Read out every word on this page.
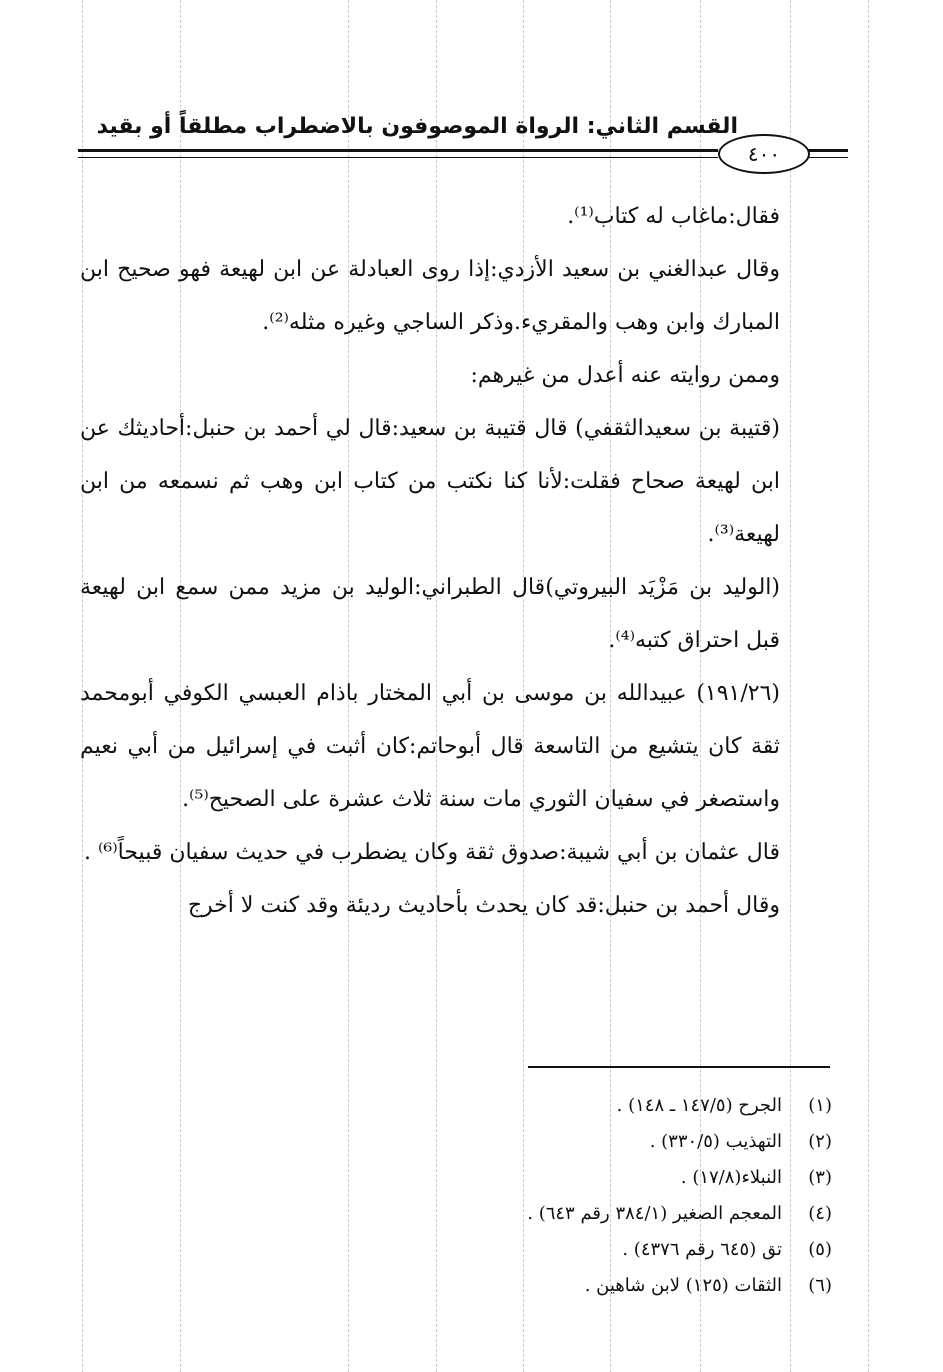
القسم الثاني: الرواة الموصوفون بالاضطراب مطلقاً أو بقيد
٤٠٠

فقال:ماغاب له كتاب⁽¹⁾.

وقال عبدالغني بن سعيد الأزدي:إذا روى العبادلة عن ابن لهيعة فهو صحيح ابن المبارك وابن وهب والمقريء.وذكر الساجي وغيره مثله⁽²⁾.

وممن روايته عنه أعدل من غيرهم:

(قتيبة بن سعيدالثقفي) قال قتيبة بن سعيد:قال لي أحمد بن حنبل:أحاديثك عن ابن لهيعة صحاح فقلت:لأنا كنا نكتب من كتاب ابن وهب ثم نسمعه من ابن لهيعة⁽³⁾.

(الوليد بن مَزْيَد البيروتي)قال الطبراني:الوليد بن مزيد ممن سمع ابن لهيعة قبل احتراق كتبه⁽⁴⁾.

(١٩١/٢٦) عبيدالله بن موسى بن أبي المختار باذام العبسي الكوفي أبومحمد ثقة كان يتشيع من التاسعة قال أبوحاتم:كان أثبت في إسرائيل من أبي نعيم واستصغر في سفيان الثوري مات سنة ثلاث عشرة على الصحيح⁽⁵⁾.

قال عثمان بن أبي شيبة:صدوق ثقة وكان يضطرب في حديث سفيان قبيحاً⁽⁶⁾ .

وقال أحمد بن حنبل:قد كان يحدث بأحاديث رديئة وقد كنت لا أخرج

(١)
الجرح (١٤٧/٥ ـ ١٤٨) .
(٢)
التهذيب (٣٣٠/٥) .
(٣)
النبلاء(١٧/٨) .
(٤)
المعجم الصغير (٣٨٤/١ رقم ٦٤٣) .
(٥)
تق (٦٤٥ رقم ٤٣٧٦) .
(٦)
الثقات (١٢٥) لابن شاهين .
